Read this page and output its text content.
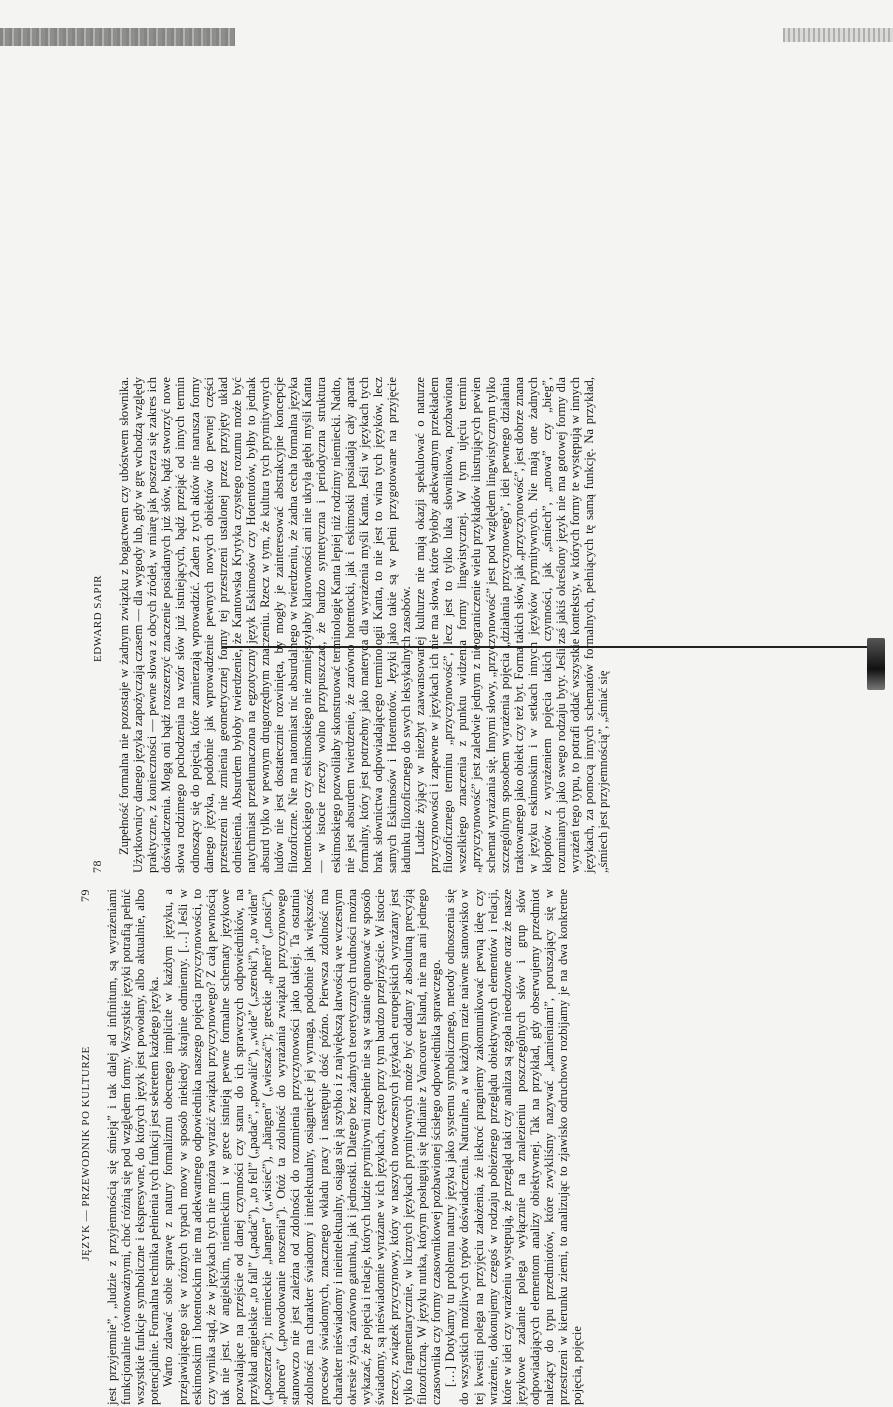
78
EDWARD SAPIR Zupełność formalna nie pozostaje w żadnym związku z bogactwem czy ubóstwem słownika. Użytkownicy danego języka zapożyczają czasem — dla wygody lub, gdy w grę wchodzą względy praktyczne, z konieczności — pewne słowa z obcych źródeł, w miarę jak poszerza się zakres ich doświadczenia. Mogą oni bądź rozszerzyć znaczenie posiadanych już słów, bądź stworzyć nowe słowa rodzimego pochodzenia na wzór słów już istniejących, bądź przejąć od innych termin odnoszący się do pojęcia, które zamierzają wprowadzić. Żaden z tych aktów nie narusza formy danego języka, podobnie jak wprowadzenie pewnych nowych obiektów do pewnej części przestrzeni nie zmienia geometrycznej formy tej przestrzeni ustalonej przez przyjęty układ odniesienia. Absurdem byłoby twierdzenie, że Kantowska Krytyka czystego rozumu może być natychmiast przetłumaczona na egzotyczny język Eskimosów czy Hotentotów, byłby to jednak absurd tylko w pewnym drugorzędnym znaczeniu. Rzecz w tym, że kultura tych prymitywnych ludów nie jest dostatecznie rozwinięta, by mogły je zainteresować abstrakcyjne koncepcje filozoficzne. Nie ma natomiast nic absurdalnego w twierdzeniu, że żadna cecha formalna języka hotentockiego czy eskimoskiego nie zmniejszyłaby klarowności ani nie ukryła głębi myśli Kanta — w istocie rzeczy wolno przypuszczać, że bardzo syntetyczna i periodyczna struktura eskimoskiego pozwoliłaby skonstruować terminologię Kanta lepiej niż rodzimy niemiecki. Nadto, nie jest absurdem twierdzenie, że zarówno hotentocki, jak i eskimoski posiadają cały aparat formalny, który jest potrzebny jako materyca dla wyrażenia myśli Kanta. Jeśli w językach tych brak słownictwa odpowiadającego terminologii Kanta, to nie jest to wina tych języków, lecz samych Eskimosów i Hotentotów. Języki jako takie są w pełni przygotowane na przyjęcie ładunku filozoficznego do swych leksykalnych zasobów. Ludzie żyjący w niezbyt zaawansowanej kulturze nie mają okazji spekulować o naturze przyczynowości i zapewne w językach ich nie ma słowa, które byłoby adekwatnym przekładem filozoficznego terminu „przyczynowość”, lecz jest to tylko luka słownikowa, pozbawiona wszelkiego znaczenia z punktu widzenia formy lingwistycznej. W tym ujęciu termin „przyczynowość” jest zaledwie jednym z nieograniczenie wielu przykładów ilustrujących pewien schemat wyrażania się. Innymi słowy, „przyczynowość” jest pod względem lingwistycznym tylko szczególnym sposobem wyrażenia pojęcia „działania przyczynowego”, idei pewnego działania traktowanego jako obiekt czy też byt. Forma takich słów, jak „przyczynowość”, jest dobrze znana w języku eskimoskim i w setkach innych języków prymitywnych. Nie mają one żadnych kłopotów z wyrażeniem pojęcia takich czynności, jak „śmiech”, „mowa” czy „bieg”, rozumianych jako swego rodzaju byty. Jeśli zaś jakiś określony język nie ma gotowej formy dla wyrażeń tego typu, to potrafi oddać wszystkie konteksty, w których formy te występują w innych językach, za pomocą innych schematów formalnych, pełniących tę samą funkcję. Na przykład, „śmiech jest przyjemnością”, „śmiać się

JĘZYK — PRZEWODNIK PO KULTURZE
79 jest przyjemnie”, „ludzie z przyjemnością się śmieją” i tak dalej ad infinitum, są wyrażeniami funkcjonalnie równoważnymi, choć różnią się pod względem formy. Wszystkie języki potrafią pełnić wszystkie funkcje symboliczne i ekspresywne, do których język jest powołany, albo aktualnie, albo potencjalnie. Formalna technika pełnienia tych funkcji jest sekretem każdego języka. Warto zdawać sobie sprawę z natury formalizmu obecnego implicite w każdym języku, a przejawiającego się w różnych typach mowy w sposób niekiedy skrajnie odmienny. […] Jeśli w eskimoskim i hotentockim nie ma adekwatnego odpowiednika naszego pojęcia przyczynowości, to czy wynika stąd, że w językach tych nie można wyrazić związku przyczynowego? Z całą pewnością tak nie jest. W angielskim, niemieckim i w grece istnieją pewne formalne schematy językowe pozwalające na przejście od danej czynności czy stanu do ich sprawczych odpowiedników, na przykład angielskie „to fall” („padać”), „to fell” („padać”, „powalić”), „wide” („szeroki”), „to widen” („poszerzać”); niemieckie „hangen” („wisieć”), „hängen” („wieszać”); greckie „pherō” („nosić”), „phoreō” („powodowanie noszenia”). Otóż ta zdolność do wyrażania związku przyczynowego stanowczo nie jest zależna od zdolności do rozumienia przyczynowości jako takiej. Ta ostatnia zdolność ma charakter świadomy i intelektualny, osiągnięcie jej wymaga, podobnie jak większość procesów świadomych, znacznego wkładu pracy i następuje dość późno. Pierwsza zdolność ma charakter nieświadomy i nieintelektualny, osiąga się ją szybko i z największą łatwością we wczesnym okresie życia, zarówno gatunku, jak i jednostki. Dlatego bez żadnych teoretycznych trudności można wykazać, że pojęcia i relacje, których ludzie prymitywni zupełnie nie są w stanie opanować w sposób świadomy, są nieświadomie wyrażane w ich językach, często przy tym bardzo przejrzyście. W istocie rzeczy, związek przyczynowy, który w naszych nowoczesnych językach europejskich wyrażany jest tylko fragmentarycznie, w licznych językach prymitywnych może być oddany z absolutną precyzją filozoficzną. W języku nutka, którym posługują się Indianie z Vancouver Island, nie ma ani jednego czasownika czy formy czasownikowej pozbawionej ścisłego odpowiednika sprawczego. […] Dotykamy tu problemu natury języka jako systemu symbolicznego, metody odnoszenia się do wszystkich możliwych typów doświadczenia. Naturalne, a w każdym razie naiwne stanowisko w tej kwestii polega na przyjęciu założenia, że ilekroć pragniemy zakomunikować pewną ideę czy wrażenie, dokonujemy czegoś w rodzaju pobieżnego przeglądu obiektywnych elementów i relacji, które w idei czy wrażeniu występują, że przegląd taki czy analiza są zgoła nieodzowne oraz że nasze językowe zadanie polega wyłącznie na znalezieniu poszczególnych słów i grup słów odpowiadających elementom analizy obiektywnej. Tak na przykład, gdy obserwujemy przedmiot należący do typu przedmiotów, które zwykliśmy nazywać „kamieniami”, poruszający się w przestrzeni w kierunku ziemi, to analizując to zjawisko odruchowo rozbijamy je na dwa konkretne pojęcia, pojęcie
